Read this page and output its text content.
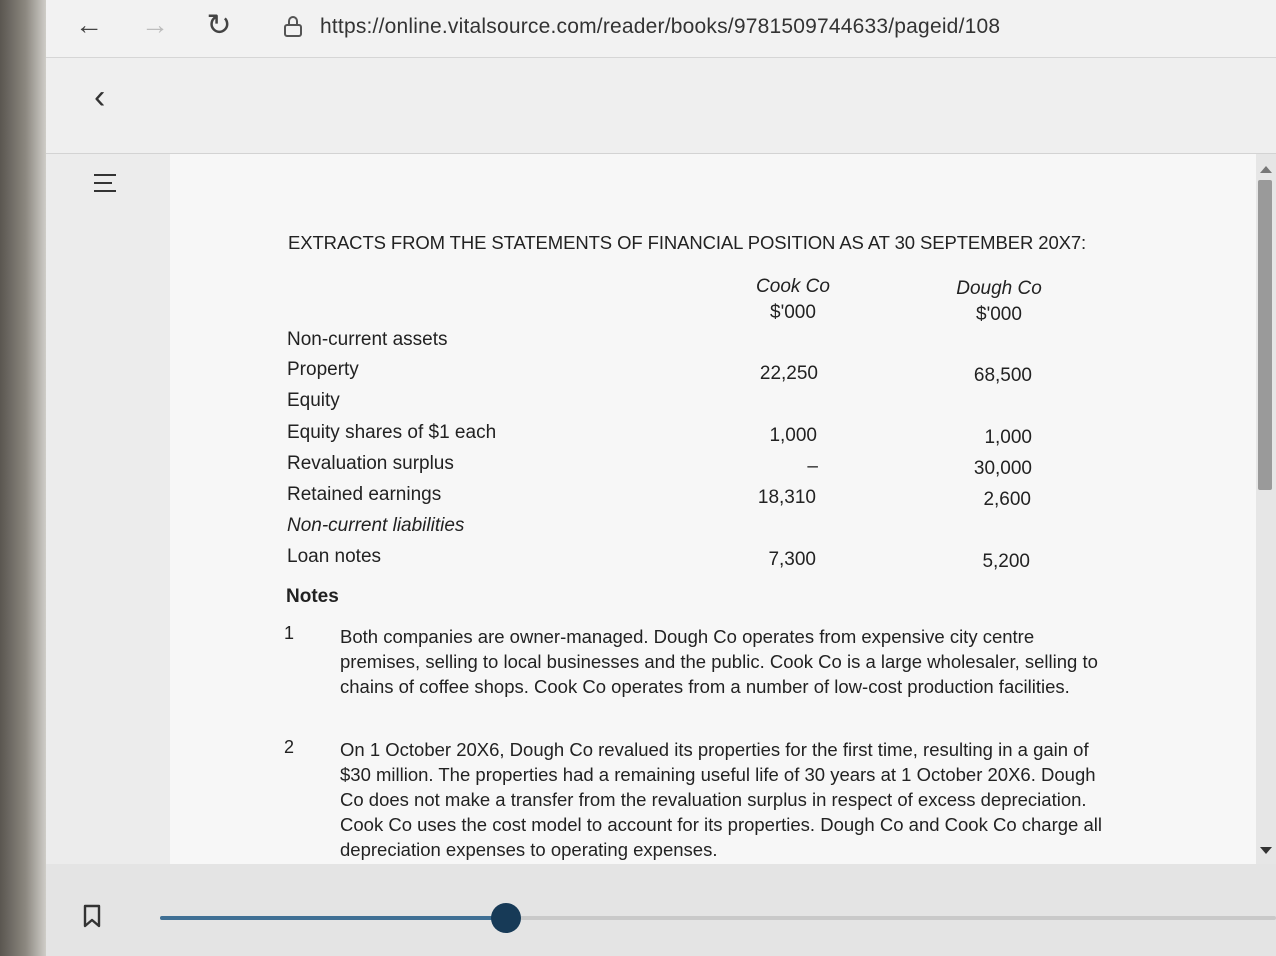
← → ↻	https://online.vitalsource.com/reader/books/9781509744633/pageid/108
‹
EXTRACTS FROM THE STATEMENTS OF FINANCIAL POSITION AS AT 30 SEPTEMBER 20X7:
Cook Co
$'000
Dough Co
$'000
Non-current assets
Property	22,250	68,500
Equity
Equity shares of $1 each	1,000	1,000
Revaluation surplus	–	30,000
Retained earnings	18,310	2,600
Non-current liabilities
Loan notes	7,300	5,200
Notes
1 Both companies are owner-managed. Dough Co operates from expensive city centre premises, selling to local businesses and the public. Cook Co is a large wholesaler, selling to chains of coffee shops. Cook Co operates from a number of low-cost production facilities.
2 On 1 October 20X6, Dough Co revalued its properties for the first time, resulting in a gain of $30 million. The properties had a remaining useful life of 30 years at 1 October 20X6. Dough Co does not make a transfer from the revaluation surplus in respect of excess depreciation. Cook Co uses the cost model to account for its properties. Dough Co and Cook Co charge all depreciation expenses to operating expenses.
